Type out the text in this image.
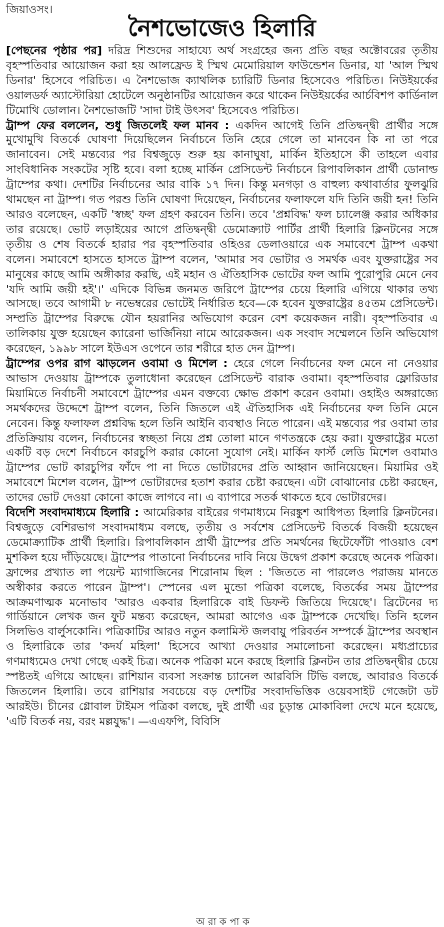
জিয়াওসং।
নৈশভোজেও হিলারি

[পেছনের পৃষ্ঠার পর] দরিদ্র শিশুদের সাহায্যে অর্থ সংগ্রহের জন্য প্রতি বছর অক্টোবরের তৃতীয় বৃহস্পতিবার আয়োজন করা হয় আলফ্রেড ই স্মিথ মেমোরিয়াল ফাউন্ডেশন ডিনার, যা 'আল স্মিথ ডিনার' হিসেবে পরিচিত। এ নৈশভোজ ক্যাথলিক চ্যারিটি ডিনার হিসেবেও পরিচিত। নিউইয়র্কের ওয়ালডর্ফ অ্যাস্টোরিয়া হোটেলে অনুষ্ঠানটির আয়োজন করে থাকেন নিউইয়র্কের আর্চবিশপ কার্ডিনাল টিমোথি ডোলান। নৈশভোজটি 'সাদা টাই উৎসব' হিসেবেও পরিচিত।

ট্রাম্প ফের বললেন, শুধু জিতলেই ফল মানব : একদিন আগেই তিনি প্রতিদ্বন্দ্বী প্রার্থীর সঙ্গে মুখোমুখি বিতর্কে ঘোষণা দিয়েছিলেন নির্বাচনে তিনি হেরে গেলে তা মানবেন কি না তা পরে জানাবেন। সেই মন্তব্যের পর বিশ্বজুড়ে শুরু হয় কানাঘুষা, মার্কিন ইতিহাসে কী তাহলে এবার সাংবিধানিক সংকটের সৃষ্টি হবে। বলা হচ্ছে মার্কিন প্রেসিডেন্ট নির্বাচনে রিপাবলিকান প্রার্থী ডোনাল্ড ট্রাম্পের কথা। দেশটির নির্বাচনের আর বাকি ১৭ দিন। কিন্তু মনগড়া ও বাহুল্য কথাবার্তার ফুলঝুরি থামছেন না ট্রাম্প। গত পরশু তিনি ঘোষণা দিয়েছেন, নির্বাচনের ফলাফলে যদি তিনি জয়ী হন! তিনি আরও বলেছেন, একটি 'স্বচ্ছ' ফল গ্রহণ করবেন তিনি। তবে 'প্রশ্নবিদ্ধ' ফল চ্যালেঞ্জ করার অধিকার তার রয়েছে। ভোট লড়াইয়ের আগে প্রতিদ্বন্দ্বী ডেমোক্র্যাট পার্টির প্রার্থী হিলারি ক্লিনটনের সঙ্গে তৃতীয় ও শেষ বিতর্কে হারার পর বৃহস্পতিবার ওহিওর ডেলাওয়ারে এক সমাবেশে ট্রাম্প একথা বলেন। সমাবেশে হাসতে হাসতে ট্রাম্প বলেন, 'আমার সব ভোটার ও সমর্থক এবং যুক্তরাষ্ট্রের সব মানুষের কাছে আমি অঙ্গীকার করছি, এই মহান ও ঐতিহাসিক ভোটের ফল আমি পুরোপুরি মেনে নেব 'যদি আমি জয়ী হই'।' এদিকে বিভিন্ন জনমত জরিপে ট্রাম্পের চেয়ে হিলারি এগিয়ে থাকার তথ্য আসছে। তবে আগামী ৮ নভেম্বরের ভোটেই নির্ধারিত হবে—কে হবেন যুক্তরাষ্ট্রের ৪৫তম প্রেসিডেন্ট। সম্প্রতি ট্রাম্পের বিরুদ্ধে যৌন হয়রানির অভিযোগ করেন বেশ কয়েকজন নারী। বৃহস্পতিবার এ তালিকায় যুক্ত হয়েছেন ক্যারেনা ভার্জিনিয়া নামে আরেকজন। এক সংবাদ সম্মেলনে তিনি অভিযোগ করেছেন, ১৯৯৮ সালে ইউএস ওপেনে তার শরীরে হাত দেন ট্রাম্প।

ট্রাম্পের ওপর রাগ ঝাড়লেন ওবামা ও মিশেল : হেরে গেলে নির্বাচনের ফল মেনে না নেওয়ার আভাস দেওয়ায় ট্রাম্পকে তুলাধোনা করেছেন প্রেসিডেন্ট বারাক ওবামা। বৃহস্পতিবার ফ্লোরিডার মিয়ামিতে নির্বাচনী সমাবেশে ট্রাম্পের এমন বক্তব্যে ক্ষোভ প্রকাশ করেন ওবামা। ওহাইও অঙ্গরাজ্যে সমর্থকদের উদ্দেশে ট্রাম্প বলেন, তিনি জিতলে এই ঐতিহাসিক এই নির্বাচনের ফল তিনি মেনে নেবেন। কিন্তু ফলাফল প্রশ্নবিদ্ধ হলে তিনি আইনি ব্যবস্থাও নিতে পারেন। এই মন্তব্যের পর ওবামা তার প্রতিক্রিয়ায় বলেন, নির্বাচনের স্বচ্ছতা নিয়ে প্রশ্ন তোলা মানে গণতন্ত্রকে হেয় করা। যুক্তরাষ্ট্রের মতো একটি বড় দেশে নির্বাচনে কারচুপি করার কোনো সুযোগ নেই। মার্কিন ফার্স্ট লেডি মিশেল ওবামাও ট্রাম্পের ভোট কারচুপির ফাঁদে পা না দিতে ভোটারদের প্রতি আহ্বান জানিয়েছেন। মিয়ামির ওই সমাবেশে মিশেল বলেন, ট্রাম্প ভোটারদের হতাশ করার চেষ্টা করছেন। এটা বোঝানোর চেষ্টা করছেন, তাদের ভোট দেওয়া কোনো কাজে লাগবে না। এ ব্যাপারে সতর্ক থাকতে হবে ভোটারদের।

বিদেশি সংবাদমাধ্যমে হিলারি : আমেরিকার বাইরের গণমাধ্যমে নিরঙ্কুশ আধিপত্য হিলারি ক্লিনটনের। বিশ্বজুড়ে বেশিরভাগ সংবাদমাধ্যম বলছে, তৃতীয় ও সর্বশেষ প্রেসিডেন্ট বিতর্কে বিজয়ী হয়েছেন ডেমোক্র্যাটিক প্রার্থী হিলারি। রিপাবলিকান প্রার্থী ট্রাম্পের প্রতি সমর্থনের ছিটেফোঁটা পাওয়াও বেশ মুশকিল হয়ে দাঁড়িয়েছে। ট্রাম্পের পাতানো নির্বাচনের দাবি নিয়ে উদ্বেগ প্রকাশ করেছে অনেক পত্রিকা। ফ্রান্সের প্রখ্যাত লা পয়েন্ট ম্যাগাজিনের শিরোনাম ছিল : 'জিততে না পারলেও পরাজয় মানতে অস্বীকার করতে পারেন ট্রাম্প'। স্পেনের এল মুন্ডো পত্রিকা বলেছে, বিতর্কের সময় ট্রাম্পের আক্রমণাত্মক মনোভাব 'আরও একবার হিলারিকে বাই ডিফল্ট জিতিয়ে দিয়েছে'। ব্রিটেনের দ্য গার্ডিয়ানে লেখক জন ফুট মন্তব্য করেছেন, আমরা আগেও এক ট্রাম্পকে দেখেছি। তিনি হলেন সিলভিও বার্লুসকোনি। পত্রিকাটির আরও নতুন কলামিস্ট জলবায়ু পরিবর্তন সম্পর্কে ট্রাম্পের অবস্থান ও হিলারিকে তার 'কদর্য মহিলা' হিসেবে আখ্যা দেওয়ার সমালোচনা করেছেন। মধ্যপ্রাচ্যের গণমাধ্যমেও দেখা গেছে একই চিত্র। অনেক পত্রিকা মনে করছে হিলারি ক্লিনটন তার প্রতিদ্বন্দ্বীর চেয়ে স্পষ্টতই এগিয়ে আছেন। রাশিয়ান ব্যবসা সংক্রান্ত চ্যানেল আরবিসি টিভি বলছে, আবারও বিতর্কে জিতলেন হিলারি। তবে রাশিয়ার সবচেয়ে বড় দেশটির সংবাদভিত্তিক ওয়েবসাইট গেজেটা ডট আরইউ। চীনের গ্লোবাল টাইমস পত্রিকা বলছে, দুই প্রার্থী এর চূড়ান্ত মোকাবিলা দেখে মনে হয়েছে, 'এটি বিতর্ক নয়, বরং মল্লযুদ্ধ'। —এএফপি, বিবিসি

অ রা ক পা ক
